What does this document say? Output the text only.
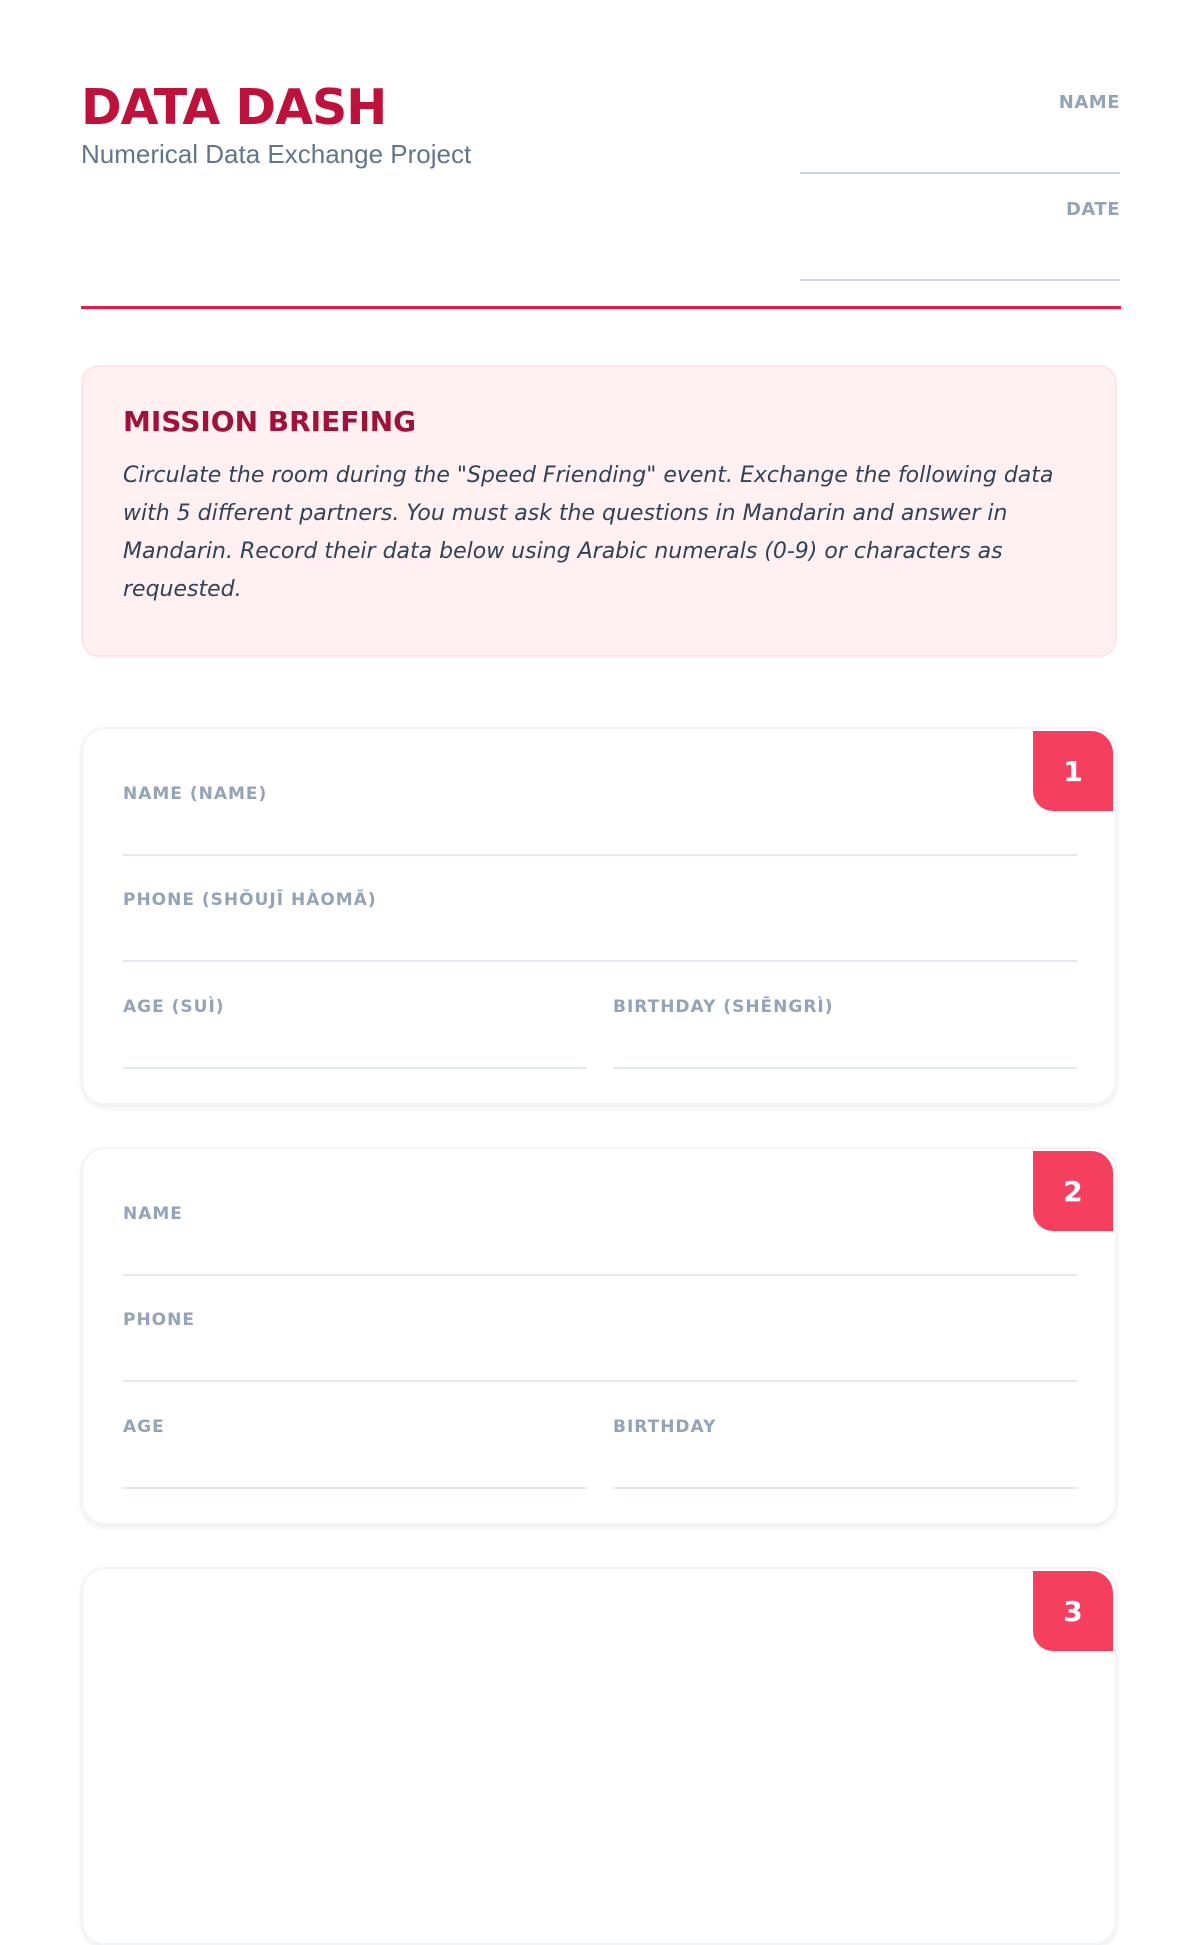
DATA DASH
Numerical Data Exchange Project
NAME
DATE
MISSION BRIEFING

Circulate the room during the "Speed Friending" event. Exchange the following data with 5 different partners. You must ask the questions in Mandarin and answer in Mandarin. Record their data below using Arabic numerals (0-9) or characters as requested.

1
NAME (NAME)
PHONE (SHŎUJĪ HÀOMĂ)
AGE (SUÌ)	BIRTHDAY (SHĒNGRÌ)
2
NAME
PHONE
AGE	BIRTHDAY
3
